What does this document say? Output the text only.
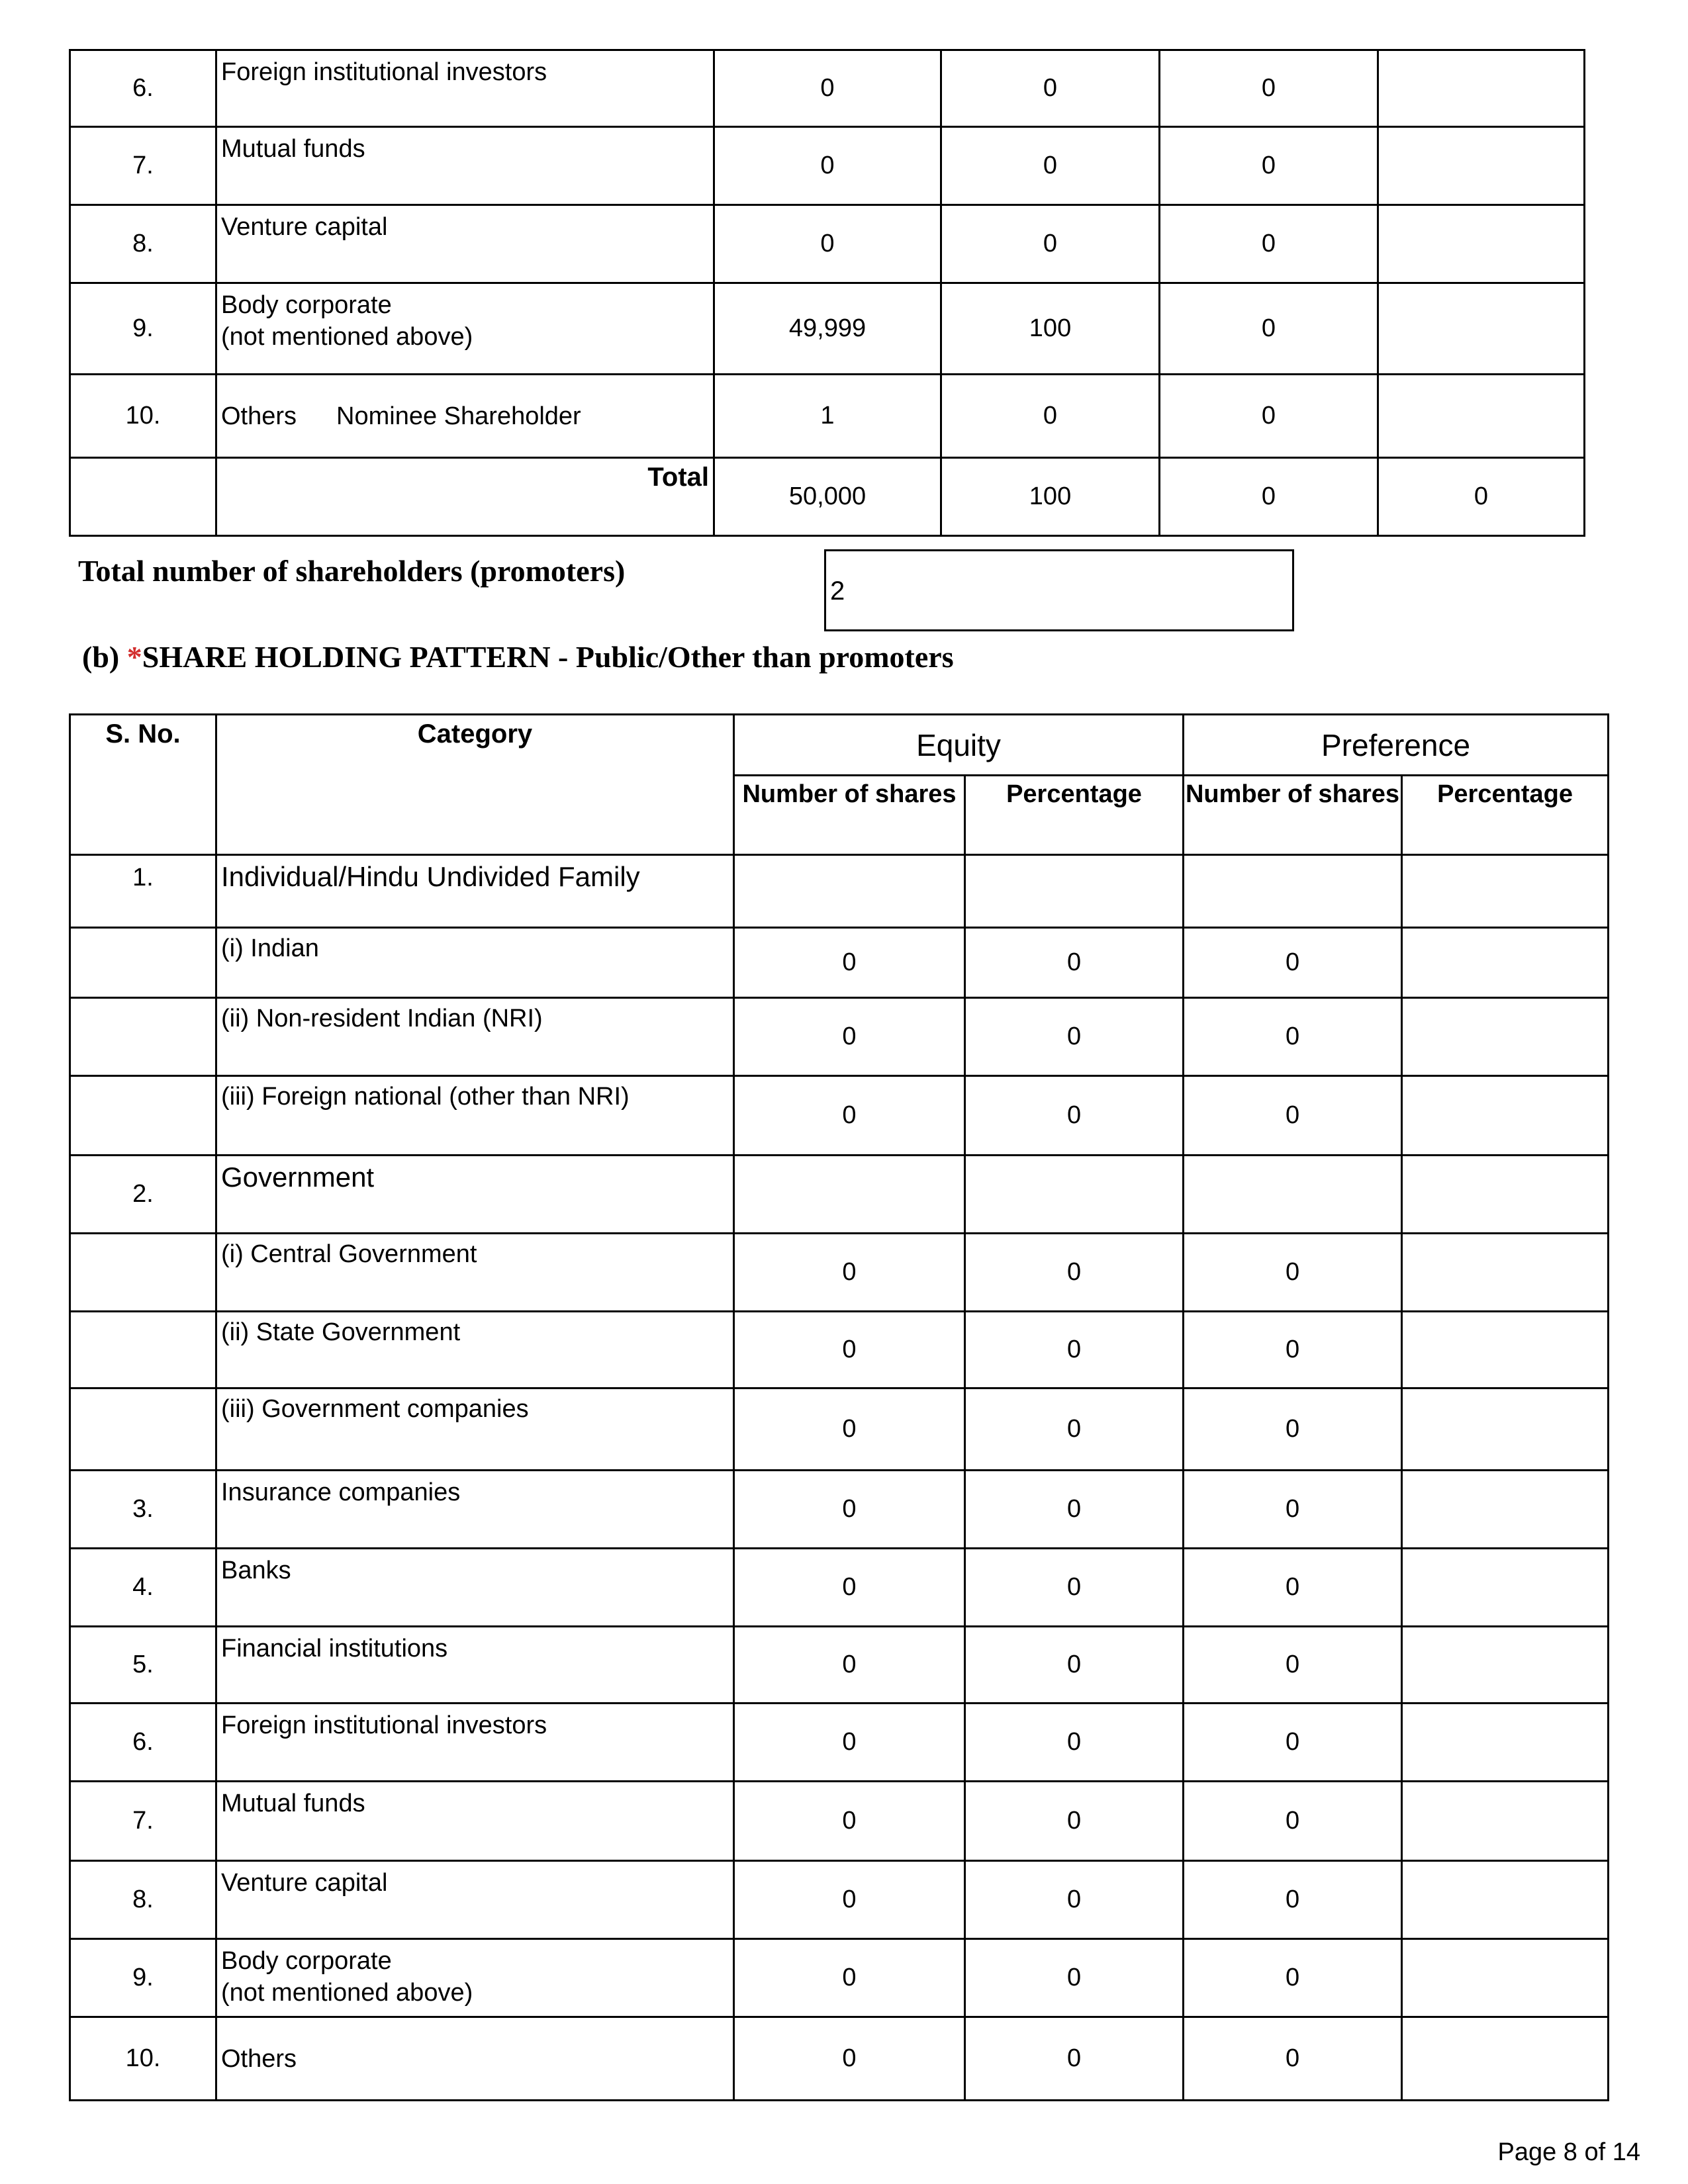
6.	Foreign institutional investors	0	0	0	
7.	Mutual funds	0	0	0	
8.	Venture capital	0	0	0	
9.	Body corporate
(not mentioned above)	49,999	100	0	
10.	Others Nominee Shareholder	1	0	0	
	Total	50,000	100	0	0
Total number of shareholders (promoters)
2
(b) *SHARE HOLDING PATTERN - Public/Other than promoters
S. No.	Category	Equity		Preference	
		Number of shares	Percentage	Number of shares	Percentage
1.	Individual/Hindu Undivided Family				
	(i) Indian	0	0	0	
	(ii) Non-resident Indian (NRI)	0	0	0	
	(iii) Foreign national (other than NRI)	0	0	0	
2.	Government				
	(i) Central Government	0	0	0	
	(ii) State Government	0	0	0	
	(iii) Government companies	0	0	0	
3.	Insurance companies	0	0	0	
4.	Banks	0	0	0	
5.	Financial institutions	0	0	0	
6.	Foreign institutional investors	0	0	0	
7.	Mutual funds	0	0	0	
8.	Venture capital	0	0	0	
9.	Body corporate
(not mentioned above)	0	0	0	
10.	Others	0	0	0	
Page 8 of 14
